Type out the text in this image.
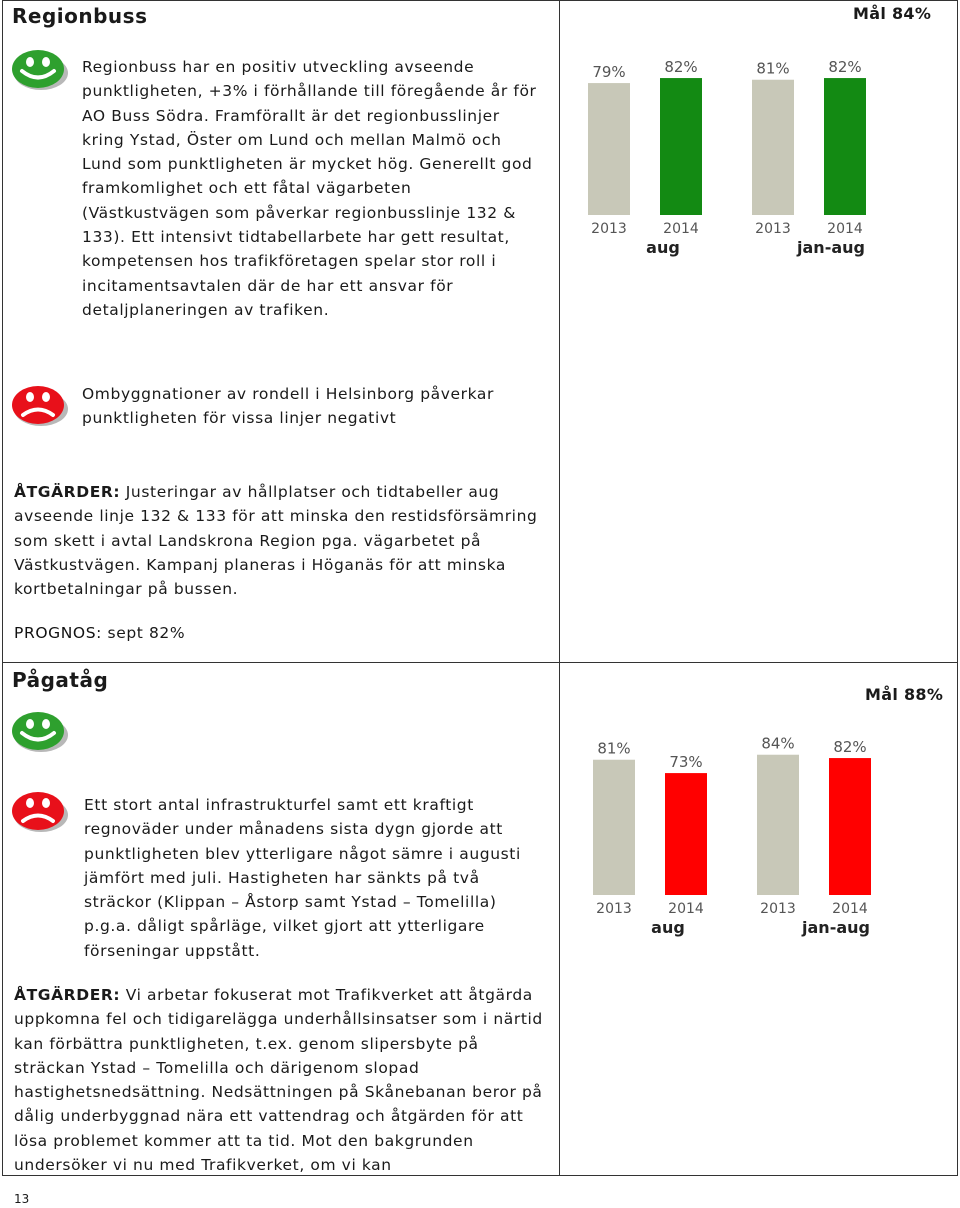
Regionbuss	Mål 84%
Regionbuss har en positiv utveckling avseende punktligheten, +3% i förhållande till föregående år för AO Buss Södra. Framförallt är det regionbusslinjer kring Ystad, Öster om Lund och mellan Malmö och Lund som punktligheten är mycket hög. Generellt god framkomlighet och ett fåtal vägarbeten (Västkustvägen som påverkar regionbusslinje 132 & 133). Ett intensivt tidtabellarbete har gett resultat, kompetensen hos trafikföretagen spelar stor roll i incitamentsavtalen där de har ett ansvar för detaljplaneringen av trafiken.
Ombyggnationer av rondell i Helsinborg påverkar punktligheten för vissa linjer negativt
ÅTGÄRDER: Justeringar av hållplatser och tidtabeller aug avseende linje 132 & 133 för att minska den restidsförsämring som skett i avtal Landskrona Region pga. vägarbetet på Västkustvägen. Kampanj planeras i Höganäs för att minska kortbetalningar på bussen.
PROGNOS: sept 82%
79%
2013
82%
2014
81%
2013
82%
2014
aug	jan-aug
Pågatåg
Mål 88%
Ett stort antal infrastrukturfel samt ett kraftigt regnoväder under månadens sista dygn gjorde att punktligheten blev ytterligare något sämre i augusti jämfört med juli. Hastigheten har sänkts på två sträckor (Klippan – Åstorp samt Ystad – Tomelilla) p.g.a. dåligt spårläge, vilket gjort att ytterligare förseningar uppstått.
ÅTGÄRDER: Vi arbetar fokuserat mot Trafikverket att åtgärda uppkomna fel och tidigarelägga underhållsinsatser som i närtid kan förbättra punktligheten, t.ex. genom slipersbyte på sträckan Ystad – Tomelilla och därigenom slopad hastighetsnedsättning. Nedsättningen på Skånebanan beror på dålig underbyggnad nära ett vattendrag och åtgärden för att lösa problemet kommer att ta tid. Mot den bakgrunden undersöker vi nu med Trafikverket, om vi kan
81%
2013
73%
2014
84%
2013
82%
2014
aug	jan-aug
13
